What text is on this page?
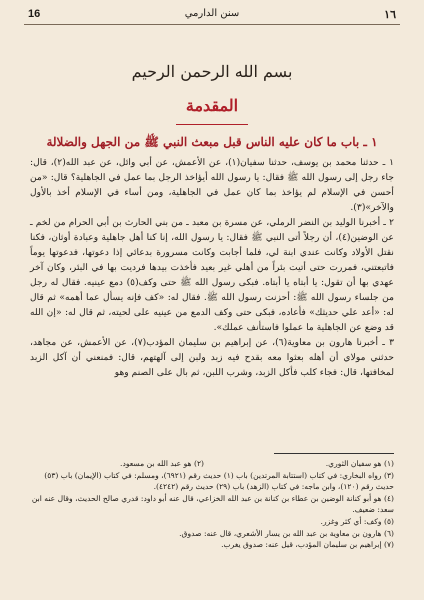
١٦
سنن الدارمي
16
بسم الله الرحمن الرحيم
المقدمة
١ ـ باب ما كان عليه الناس قبل مبعث النبي ﷺ من الجهل والضلالة

١ ـ حدثنا محمد بن يوسف، حدثنا سفيان(١)، عن الأعمش، عن أبي وائل، عن عبد الله(٢)، قال: جاء رجل إلى رسول الله ﷺ فقال: يا رسول الله أيؤاخذ الرجل بما عمل في الجاهلية؟ قال: «من أحسن في الإسلام لم يؤاخذ بما كان عمل في الجاهلية، ومن أساء في الإسلام أخذ بالأول والآخر»(٣).

٢ ـ أخبرنا الوليد بن النضر الرملي، عن مسرة بن معبد ـ من بني الحارث بن أبي الحرام من لخم ـ عن الوضين(٤)، أن رجلاً أتى النبي ﷺ فقال: يا رسول الله، إنا كنا أهل جاهلية وعبادة أوثان، فكنا نقتل الأولاد وكانت عندي ابنة لي، فلما أجابت وكانت مسرورة بدعائي إذا دعوتها، فدعوتها يوماً فاتبعتني، فمررت حتى أتيت بئراً من أهلي غير بعيد فأخذت بيدها فرديت بها في البئر، وكان آخر عهدي بها أن تقول: يا أبتاه يا أبتاه. فبكى رسول الله ﷺ حتى وكف(٥) دمع عينيه. فقال له رجل من جلساء رسول الله ﷺ: أحزنت رسول الله ﷺ. فقال له: «كف فإنه يسأل عما أهمه» ثم قال له: «أعد علي حديثك» فأعاده، فبكى حتى وكف الدمع من عينيه على لحيته، ثم قال له: «إن الله قد وضع عن الجاهلية ما عملوا فاستأنف عملك».

٣ ـ أخبرنا هارون بن معاوية(٦)، عن إبراهيم بن سليمان المؤدب(٧)، عن الأعمش، عن مجاهد، حدثني مولاي أن أهله بعثوا معه بقدح فيه زبد ولبن إلى آلهتهم، قال: فمنعني أن آكل الزبد لمخافتها، قال: فجاء كلب فأكل الزبد، وشرب اللبن، ثم بال على الصنم وهو

(١) هو سفيان الثوري.
(٢) هو عبد الله بن مسعود.
(٣) رواه البخاري: في كتاب (استتابة المرتدين) باب (١) حديث رقم (٦٩٢١)، ومسلم: في كتاب (الإيمان) باب (٥٣) حديث رقم (١٢٠)، وابن ماجه: في كتاب (الزهد) باب (٢٩) حديث رقم (٤٢٤٢).
(٤) هو أبو كنانة الوضين بن عطاء بن كنانة بن عبد الله الخزاعي، قال عنه أبو داود: قدري صالح الحديث، وقال عنه ابن سعد: ضعيف.
(٥) وكف: أي كثر وغزر.
(٦) هارون بن معاوية بن عبد الله بن يسار الأشعري، قال عنه: صدوق.
(٧) إبراهيم بن سليمان المؤدب، قيل عنه: صدوق يغرب.
